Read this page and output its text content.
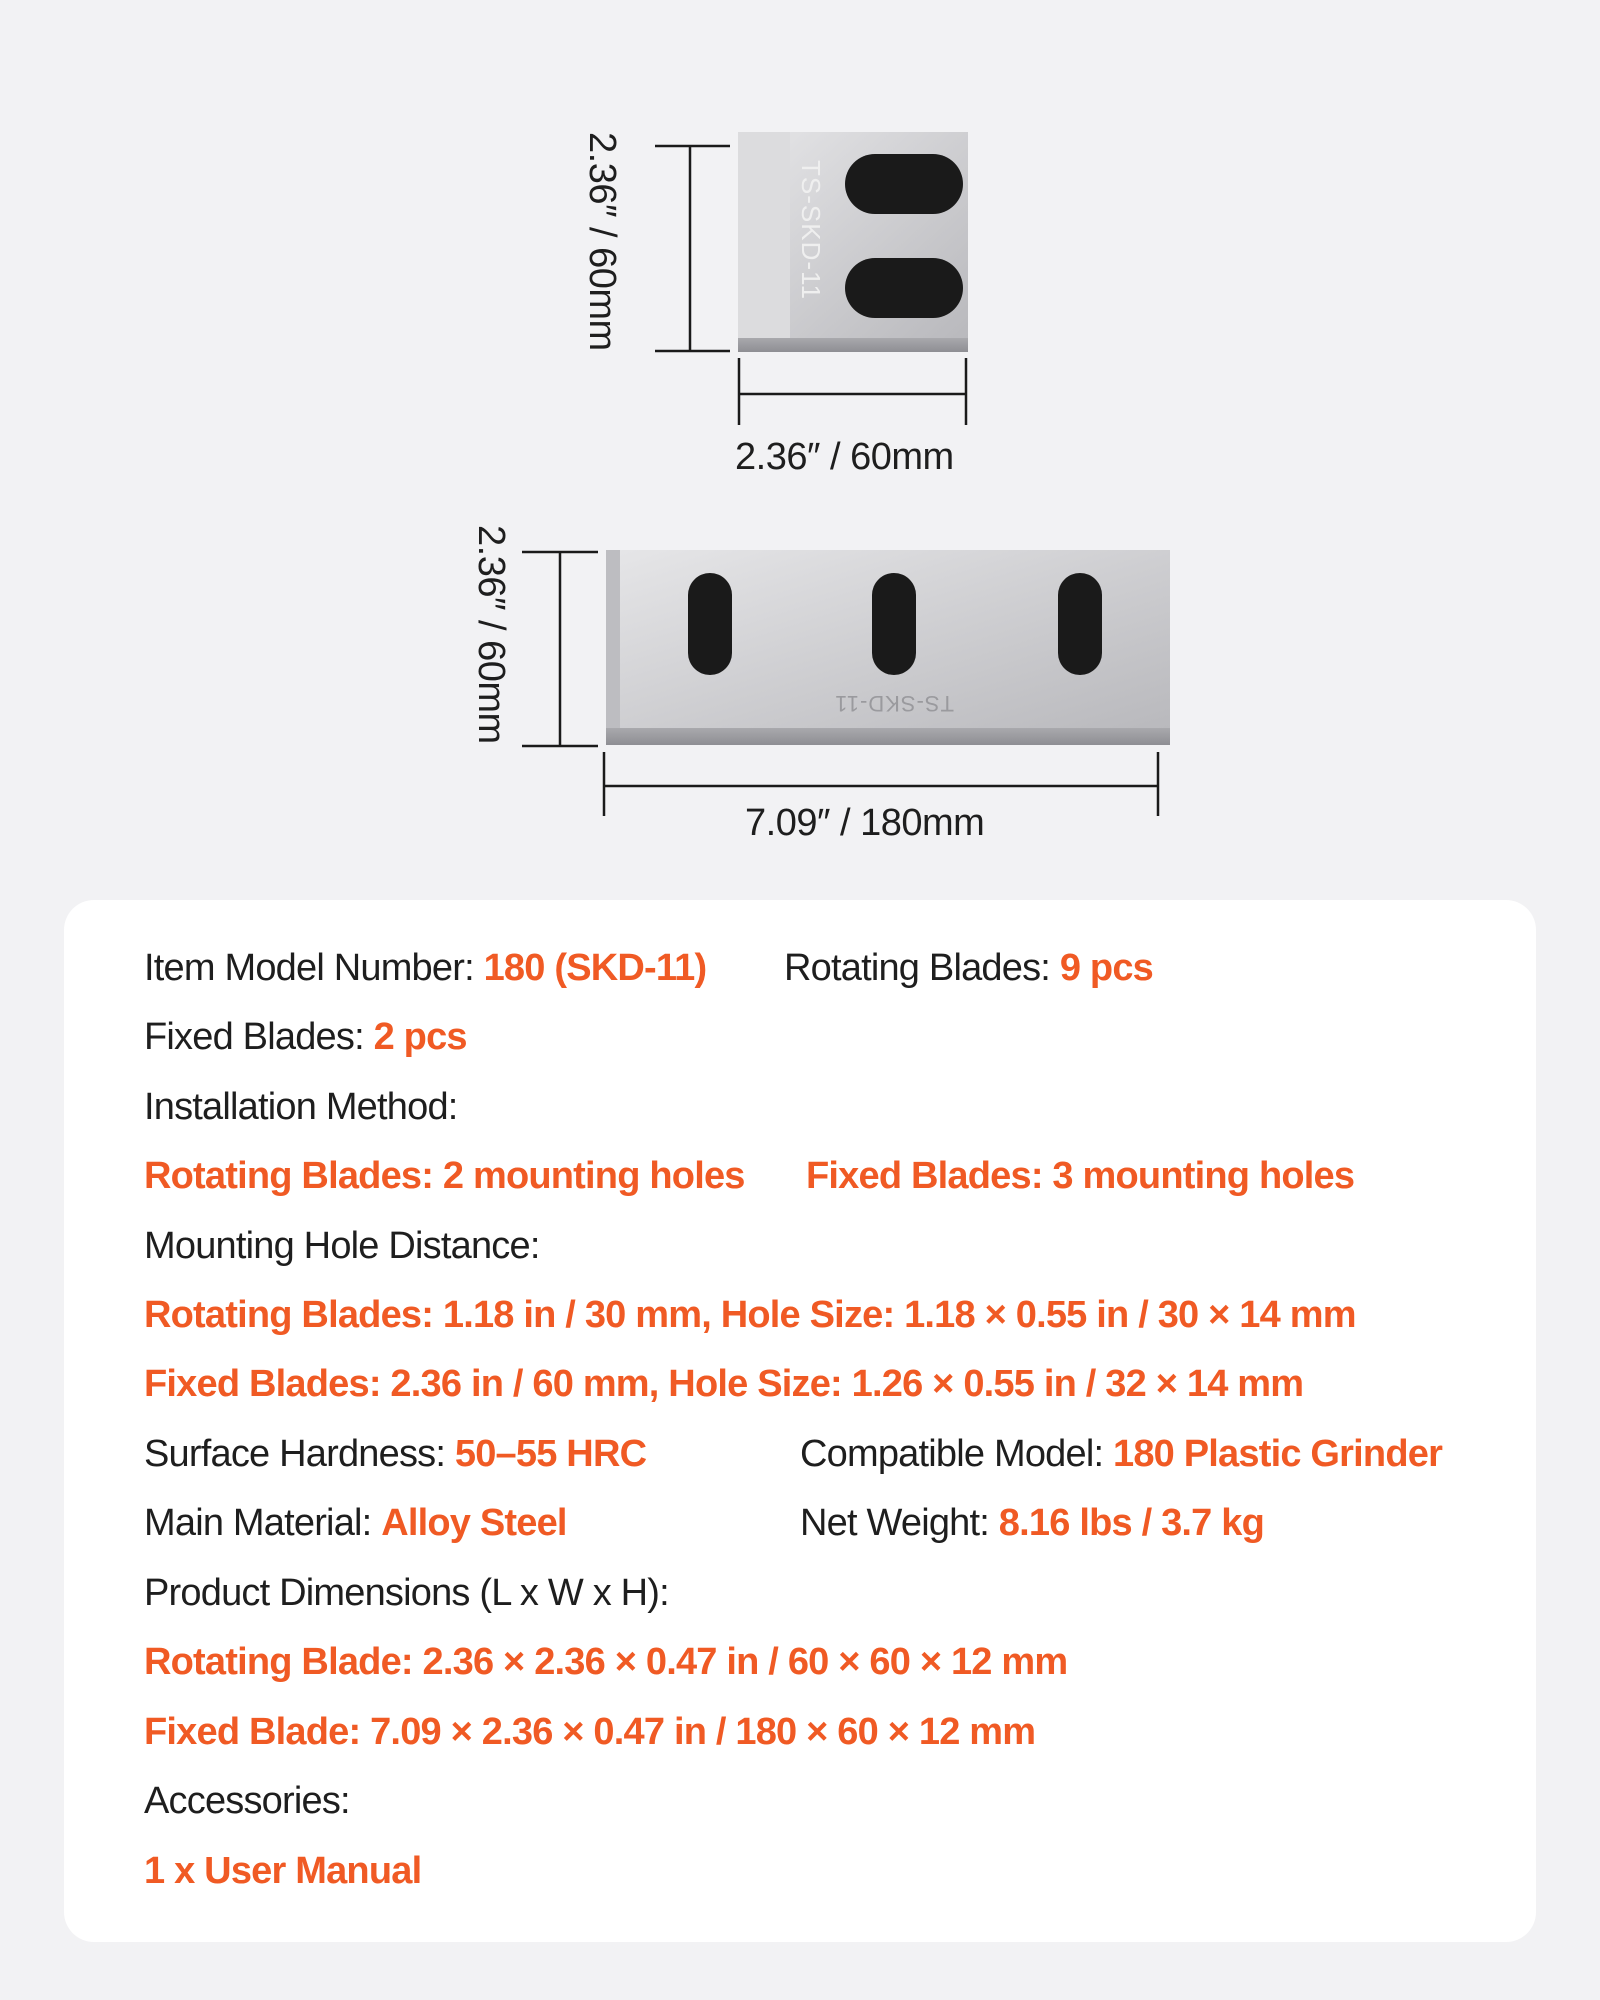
TS-SKD-11
TS-SKD-11
2.36″ / 60mm
2.36″ / 60mm
2.36″ / 60mm
7.09″ / 180mm
Item Model Number: 180 (SKD-11) Rotating Blades: 9 pcs
Fixed Blades: 2 pcs
Installation Method:
Rotating Blades: 2 mounting holes Fixed Blades: 3 mounting holes
Mounting Hole Distance:
Rotating Blades: 1.18 in / 30 mm, Hole Size: 1.18 × 0.55 in / 30 × 14 mm
Fixed Blades: 2.36 in / 60 mm, Hole Size: 1.26 × 0.55 in / 32 × 14 mm
Surface Hardness: 50–55 HRC	Compatible Model: 180 Plastic Grinder
Main Material: Alloy Steel	Net Weight: 8.16 lbs / 3.7 kg
Product Dimensions (L x W x H):
Rotating Blade: 2.36 × 2.36 × 0.47 in / 60 × 60 × 12 mm
Fixed Blade: 7.09 × 2.36 × 0.47 in / 180 × 60 × 12 mm
Accessories:
1 x User Manual
